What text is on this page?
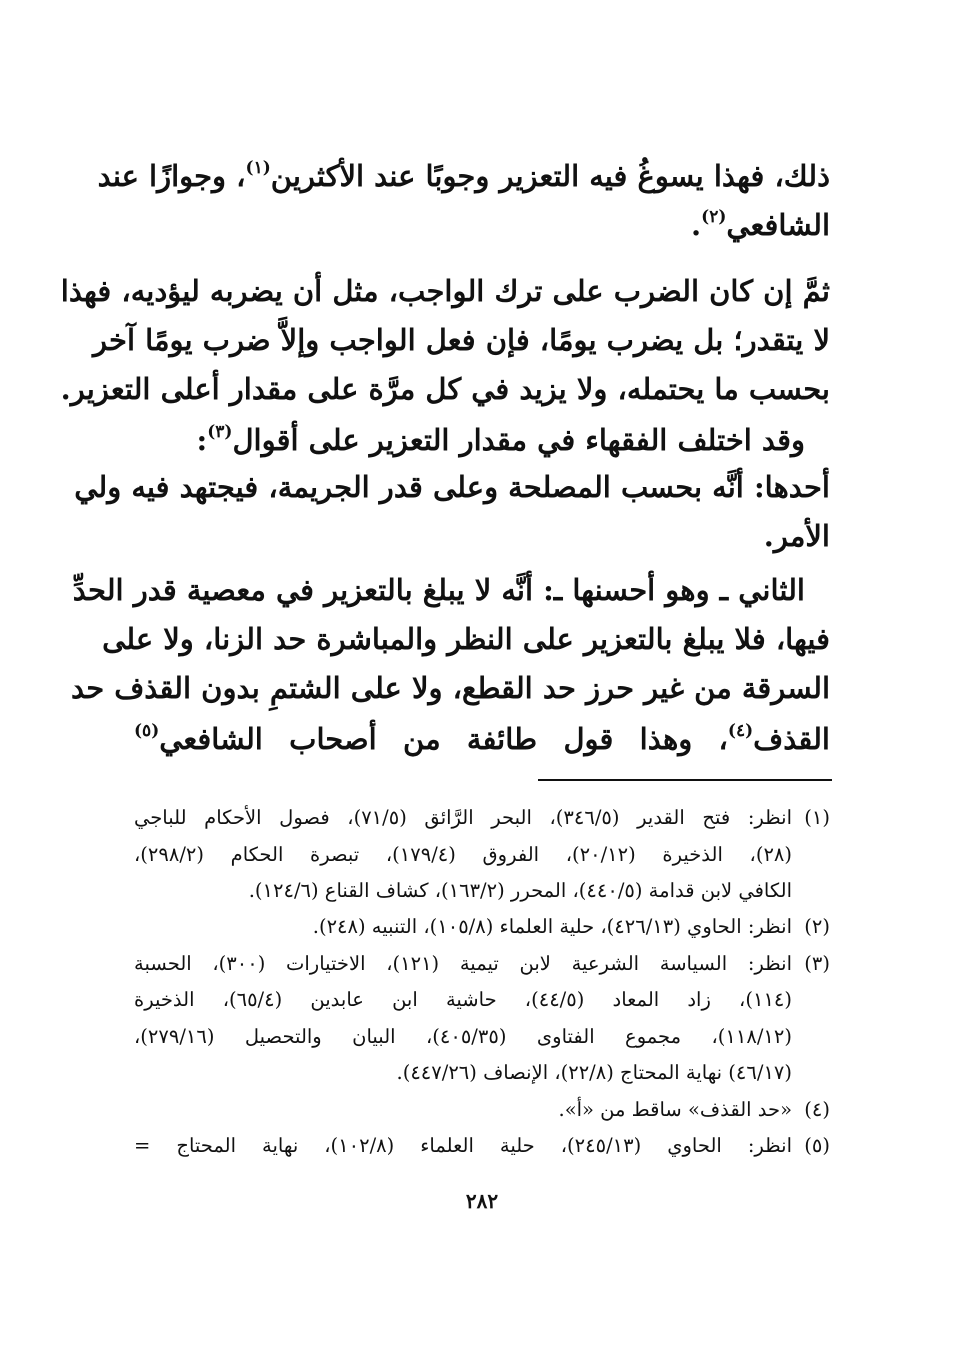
ذلك، فهذا يسوغُ فيه التعزير وجوبًا عند الأكثرين$^{(١)}$، وجوازًا عند
الشافعي$^{(٢)}$.
ثمَّ إن كان الضرب على ترك الواجب، مثل أن يضربه ليؤديه، فهذا
لا يتقدر؛ بل يضرب يومًا، فإن فعل الواجب وإلاَّ ضرب يومًا آخر
بحسب ما يحتمله، ولا يزيد في كل مرَّة على مقدار أعلى التعزير.
وقد اختلف الفقهاء في مقدار التعزير على أقوال$^{(٣)}$:
أحدها: أنَّه بحسب المصلحة وعلى قدر الجريمة، فيجتهد فيه ولي
الأمر.
الثاني ـ وهو أحسنها ـ: أنَّه لا يبلغ بالتعزير في معصية قدر الحدِّ
فيها، فلا يبلغ بالتعزير على النظر والمباشرة حد الزنا، ولا على
السرقة من غير حرز حد القطع، ولا على الشتمِ بدون القذف حد
القذف$^{(٤)}$، وهذا قول طائفة من أصحاب الشافعي$^{(٥)}$
(١)
انظر: فتح القدير (٣٤٦/٥)، البحر الرَّائق (٧١/٥)، فصول الأحكام للباجي
(٢٨)، الذخيرة (٢٠/١٢)، الفروق (١٧٩/٤)، تبصرة الحكام (٢٩٨/٢)،
الكافي لابن قدامة (٤٤٠/٥)، المحرر (١٦٣/٢)، كشاف القناع (١٢٤/٦).
(٢)
انظر: الحاوي (٤٢٦/١٣)، حلية العلماء (١٠٥/٨)، التنبيه (٢٤٨).
(٣)
انظر: السياسة الشرعية لابن تيمية (١٢١)، الاختيارات (٣٠٠)، الحسبة
(١١٤)، زاد المعاد (٤٤/٥)، حاشية ابن عابدين (٦٥/٤)، الذخيرة
(١١٨/١٢)، مجموع الفتاوى (٤٠٥/٣٥)، البيان والتحصيل (٢٧٩/١٦)،
(٤٦/١٧) نهاية المحتاج (٢٢/٨)، الإنصاف (٤٤٧/٢٦).
(٤)
«حد القذف» ساقط من «أ».
(٥)
انظر: الحاوي (٢٤٥/١٣)، حلية العلماء (١٠٢/٨)، نهاية المحتاج =
٢٨٢
